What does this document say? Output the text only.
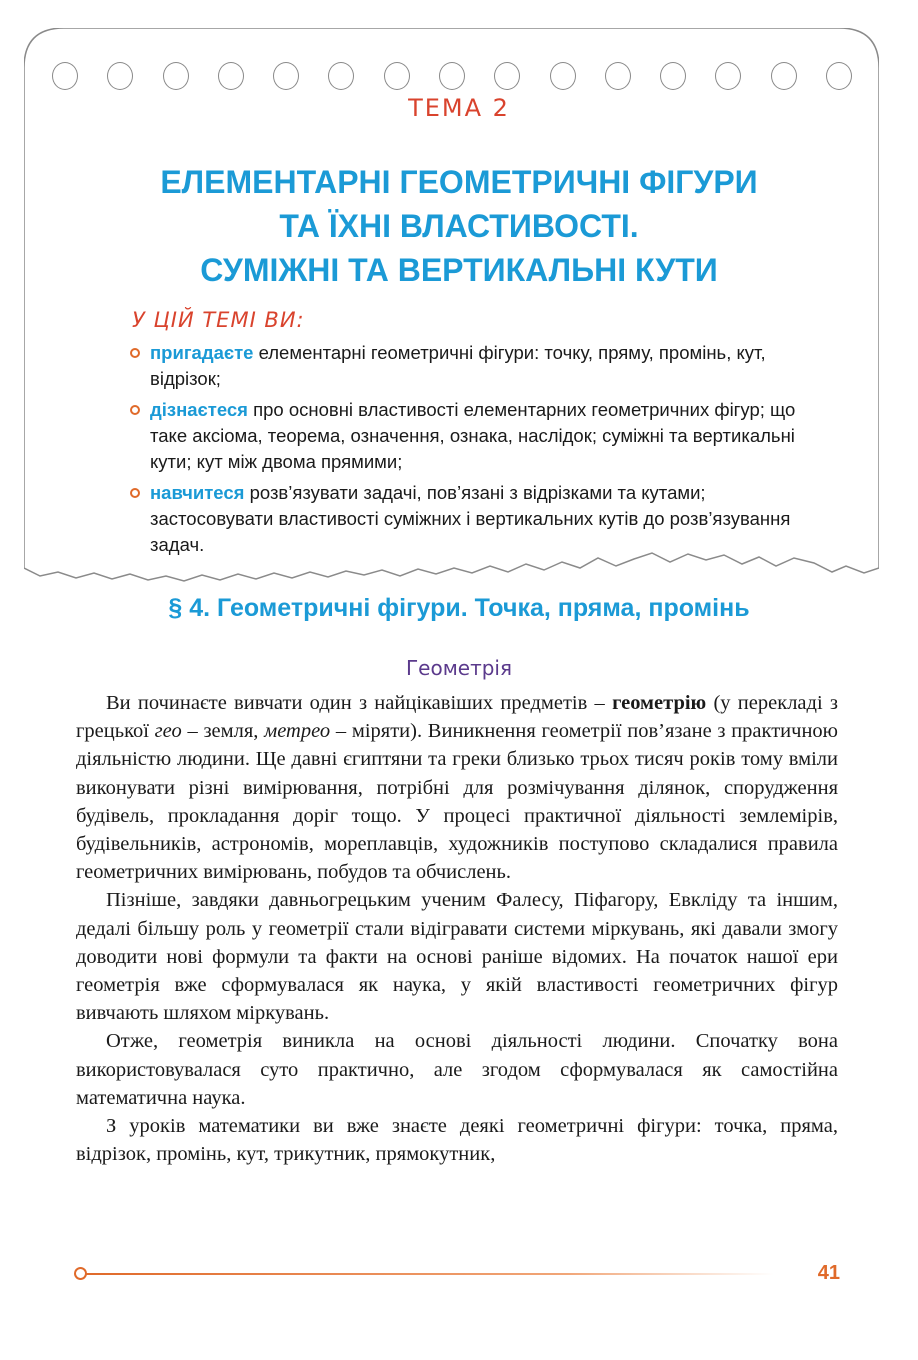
ТЕМА 2
ЕЛЕМЕНТАРНІ ГЕОМЕТРИЧНІ ФІГУРИ
ТА ЇХНІ ВЛАСТИВОСТІ.
СУМІЖНІ ТА ВЕРТИКАЛЬНІ КУТИ
У ЦІЙ ТЕМІ ВИ:
пригадаєте елементарні геометричні фігури: точку, пряму, промінь, кут, відрізок;
дізнаєтеся про основні властивості елементарних геометричних фігур; що таке аксіома, теорема, означення, ознака, наслідок; суміжні та вертикальні кути; кут між двома прямими;
навчитеся розв’язувати задачі, пов’язані з відрізками та кутами; застосовувати властивості суміжних і вертикальних кутів до розв’язування задач.
§ 4. Геометричні фігури. Точка, пряма, промінь
Геометрія

Ви починаєте вивчати один з найцікавіших предметів – геометрію (у перекладі з грецької гео – земля, метрео – міряти). Виникнення геометрії пов’язане з практичною діяльністю людини. Ще давні єгиптяни та греки близько трьох тисяч років тому вміли виконувати різні вимірювання, потрібні для розмічування ділянок, спорудження будівель, прокладання доріг тощо. У процесі практичної діяльності землемірів, будівельників, астрономів, мореплавців, художників поступово складалися правила геометричних вимірювань, побудов та обчислень.

Пізніше, завдяки давньогрецьким ученим Фалесу, Піфагору, Евкліду та іншим, дедалі більшу роль у геометрії стали відігравати системи міркувань, які давали змогу доводити нові формули та факти на основі раніше відомих. На початок нашої ери геометрія вже сформувалася як наука, у якій властивості геометричних фігур вивчають шляхом міркувань.

Отже, геометрія виникла на основі діяльності людини. Спочатку вона використовувалася суто практично, але згодом сформувалася як самостійна математична наука.

З уроків математики ви вже знаєте деякі геометричні фігури: точка, пряма, відрізок, промінь, кут, трикутник, прямокутник,

41
